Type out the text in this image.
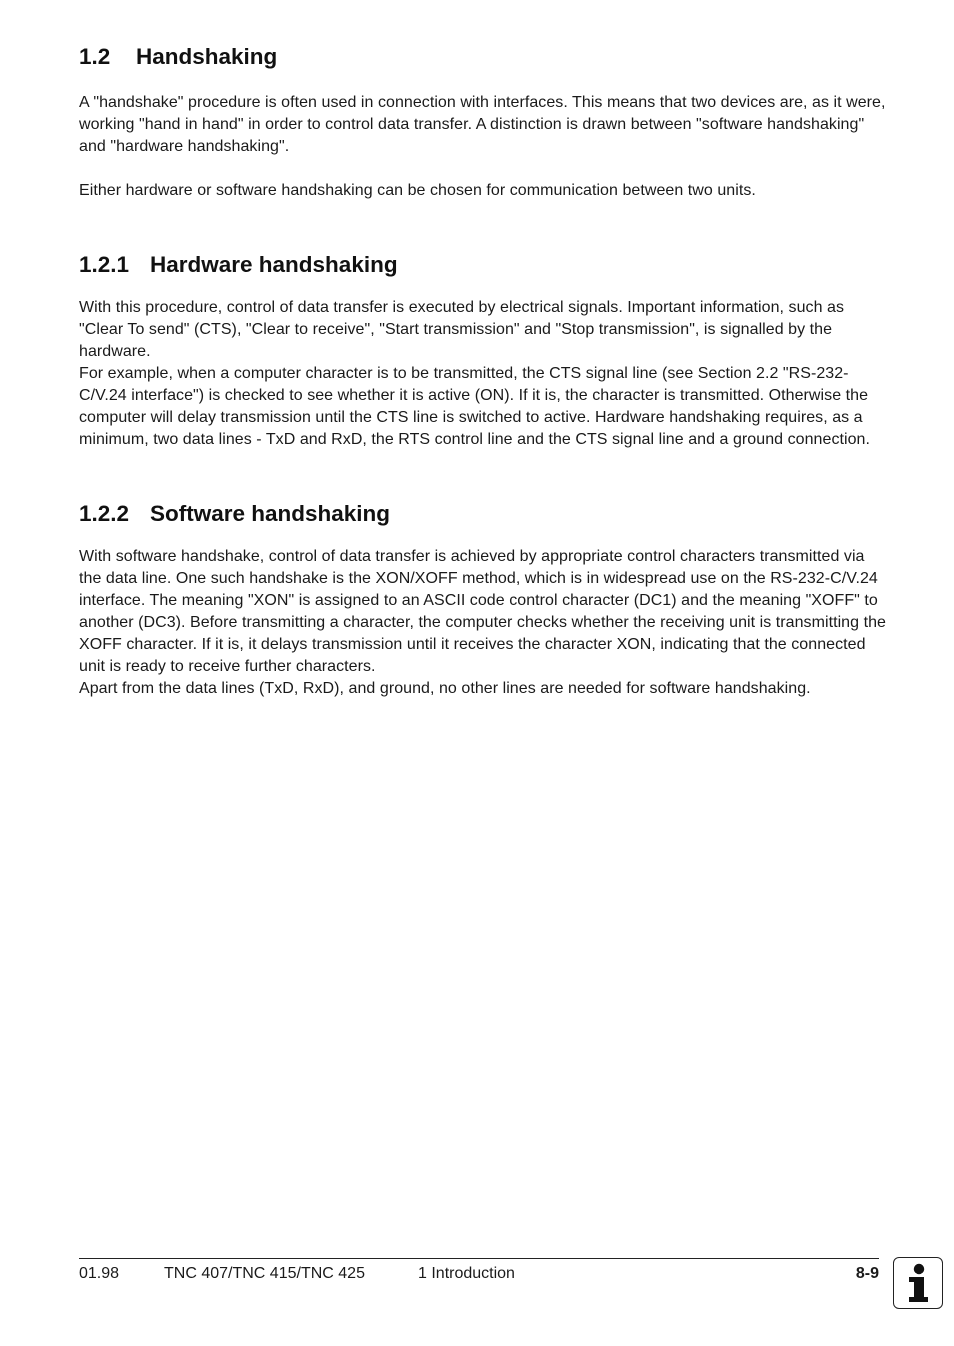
1.2 Handshaking

A "handshake" procedure is often used in connection with interfaces. This means that two devices are, as it were, working "hand in hand" in order to control data transfer. A distinction is drawn between "software handshaking" and "hardware handshaking".

Either hardware or software handshaking can be chosen for communication between two units.

1.2.1 Hardware handshaking

With this procedure, control of data transfer is executed by electrical signals. Important information, such as "Clear To send" (CTS), "Clear to receive", "Start transmission" and "Stop transmission", is signalled by the hardware.

For example, when a computer character is to be transmitted, the CTS signal line (see Section 2.2 "RS-232-C/V.24 interface") is checked to see whether it is active (ON). If it is, the character is transmitted. Otherwise the computer will delay transmission until the CTS line is switched to active. Hardware handshaking requires, as a minimum, two data lines - TxD and RxD, the RTS control line and the CTS signal line and a ground connection.

1.2.2 Software handshaking

With software handshake, control of data transfer is achieved by appropriate control characters transmitted via the data line. One such handshake is the XON/XOFF method, which is in widespread use on the RS-232-C/V.24 interface. The meaning "XON" is assigned to an ASCII code control character (DC1) and the meaning "XOFF" to another (DC3). Before transmitting a character, the computer checks whether the receiving unit is transmitting the XOFF character. If it is, it delays transmission until it receives the character XON, indicating that the connected unit is ready to receive further characters.

Apart from the data lines (TxD, RxD), and ground, no other lines are needed for software handshaking.

01.98	TNC 407/TNC 415/TNC 425	1 Introduction	8-9
